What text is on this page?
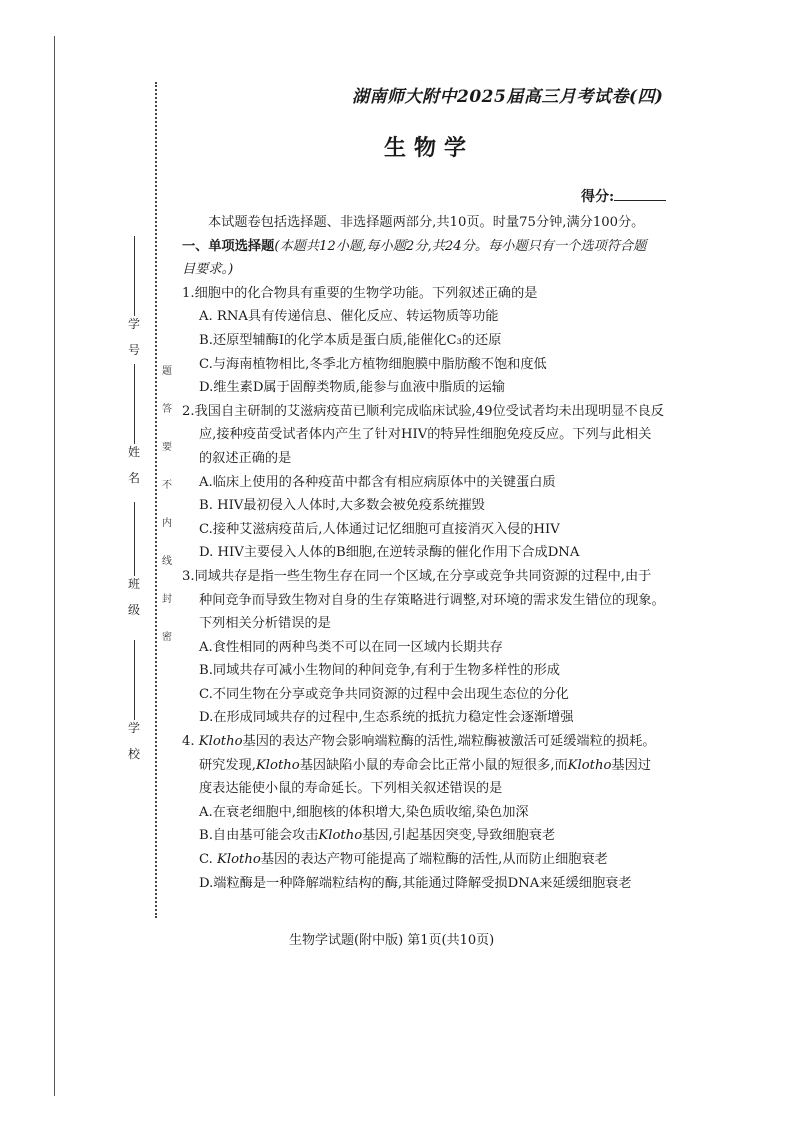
学
号
姓
名
班
级
学
校
题
答
要
不
内
线
封
密
湖南师大附中2025届高三月考试卷(四)
生物学
得分:

本试题卷包括选择题、非选择题两部分,共10页。时量75分钟,满分100分。

一、单项选择题(本题共12小题,每小题2分,共24分。每小题只有一个选项符合题

目要求。)

1.细胞中的化合物具有重要的生物学功能。下列叙述正确的是

A. RNA具有传递信息、催化反应、转运物质等功能

B.还原型辅酶Ⅰ的化学本质是蛋白质,能催化C₃的还原

C.与海南植物相比,冬季北方植物细胞膜中脂肪酸不饱和度低

D.维生素D属于固醇类物质,能参与血液中脂质的运输

2.我国自主研制的艾滋病疫苗已顺利完成临床试验,49位受试者均未出现明显不良反

应,接种疫苗受试者体内产生了针对HIV的特异性细胞免疫反应。下列与此相关

的叙述正确的是

A.临床上使用的各种疫苗中都含有相应病原体中的关键蛋白质

B. HIV最初侵入人体时,大多数会被免疫系统摧毁

C.接种艾滋病疫苗后,人体通过记忆细胞可直接消灭入侵的HIV

D. HIV主要侵入人体的B细胞,在逆转录酶的催化作用下合成DNA

3.同域共存是指一些生物生存在同一个区域,在分享或竞争共同资源的过程中,由于

种间竞争而导致生物对自身的生存策略进行调整,对环境的需求发生错位的现象。

下列相关分析错误的是

A.食性相同的两种鸟类不可以在同一区域内长期共存

B.同域共存可减小生物间的种间竞争,有利于生物多样性的形成

C.不同生物在分享或竞争共同资源的过程中会出现生态位的分化

D.在形成同域共存的过程中,生态系统的抵抗力稳定性会逐渐增强

4. Klotho基因的表达产物会影响端粒酶的活性,端粒酶被激活可延缓端粒的损耗。

研究发现,Klotho基因缺陷小鼠的寿命会比正常小鼠的短很多,而Klotho基因过

度表达能使小鼠的寿命延长。下列相关叙述错误的是

A.在衰老细胞中,细胞核的体积增大,染色质收缩,染色加深

B.自由基可能会攻击Klotho基因,引起基因突变,导致细胞衰老

C. Klotho基因的表达产物可能提高了端粒酶的活性,从而防止细胞衰老

D.端粒酶是一种降解端粒结构的酶,其能通过降解受损DNA来延缓细胞衰老

生物学试题(附中版) 第1页(共10页)
